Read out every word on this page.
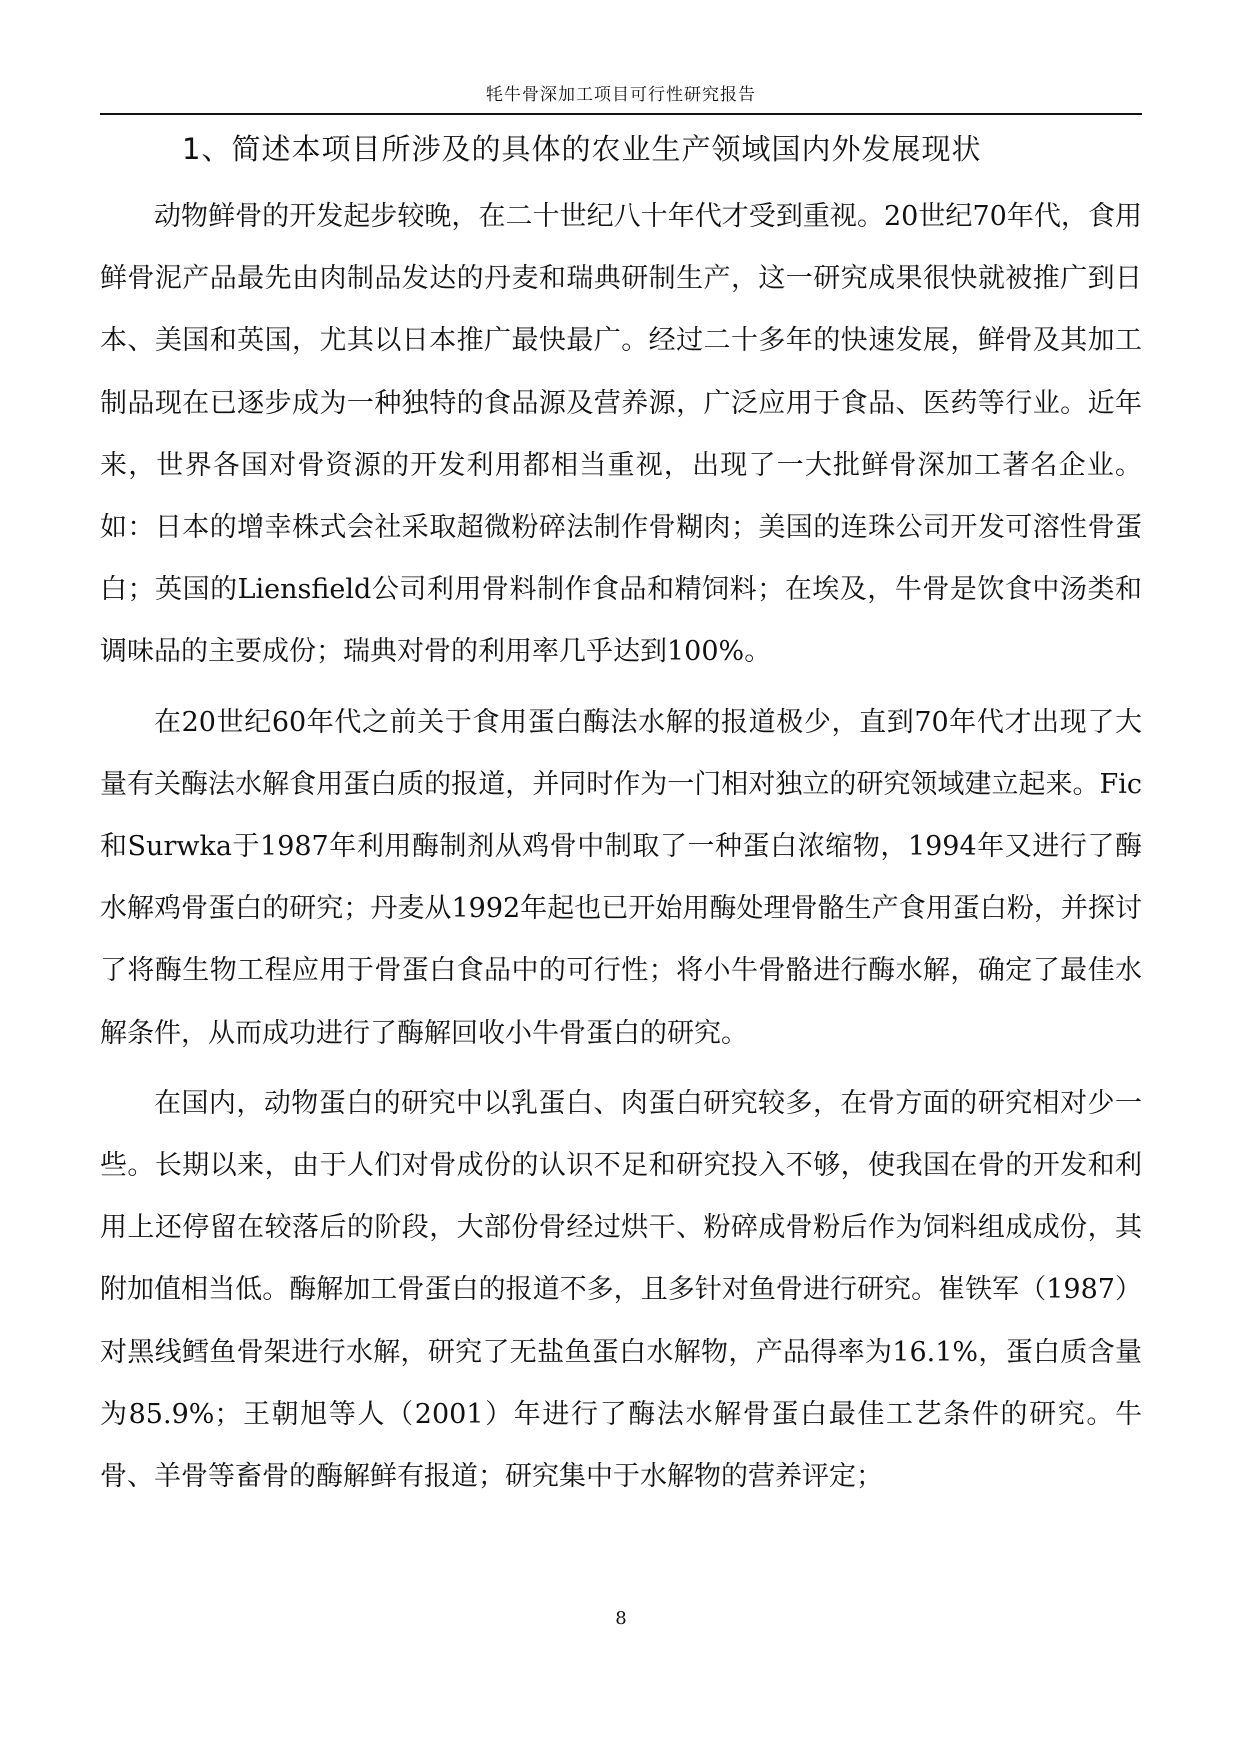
牦牛骨深加工项目可行性研究报告
1、简述本项目所涉及的具体的农业生产领域国内外发展现状

动物鲜骨的开发起步较晚，在二十世纪八十年代才受到重视。20世纪70年代，食用鲜骨泥产品最先由肉制品发达的丹麦和瑞典研制生产，这一研究成果很快就被推广到日本、美国和英国，尤其以日本推广最快最广。经过二十多年的快速发展，鲜骨及其加工制品现在已逐步成为一种独特的食品源及营养源，广泛应用于食品、医药等行业。近年来，世界各国对骨资源的开发利用都相当重视，出现了一大批鲜骨深加工著名企业。如：日本的增幸株式会社采取超微粉碎法制作骨糊肉；美国的连珠公司开发可溶性骨蛋白；英国的Liensfield公司利用骨料制作食品和精饲料；在埃及，牛骨是饮食中汤类和调味品的主要成份；瑞典对骨的利用率几乎达到100%。

在20世纪60年代之前关于食用蛋白酶法水解的报道极少，直到70年代才出现了大量有关酶法水解食用蛋白质的报道，并同时作为一门相对独立的研究领域建立起来。Fic和Surwka于1987年利用酶制剂从鸡骨中制取了一种蛋白浓缩物，1994年又进行了酶水解鸡骨蛋白的研究；丹麦从1992年起也已开始用酶处理骨骼生产食用蛋白粉，并探讨了将酶生物工程应用于骨蛋白食品中的可行性；将小牛骨骼进行酶水解，确定了最佳水解条件，从而成功进行了酶解回收小牛骨蛋白的研究。

在国内，动物蛋白的研究中以乳蛋白、肉蛋白研究较多，在骨方面的研究相对少一些。长期以来，由于人们对骨成份的认识不足和研究投入不够，使我国在骨的开发和利用上还停留在较落后的阶段，大部份骨经过烘干、粉碎成骨粉后作为饲料组成成份，其附加值相当低。酶解加工骨蛋白的报道不多，且多针对鱼骨进行研究。崔铁军（1987）对黑线鳕鱼骨架进行水解，研究了无盐鱼蛋白水解物，产品得率为16.1%，蛋白质含量为85.9%；王朝旭等人（2001）年进行了酶法水解骨蛋白最佳工艺条件的研究。牛骨、羊骨等畜骨的酶解鲜有报道；研究集中于水解物的营养评定；

8
